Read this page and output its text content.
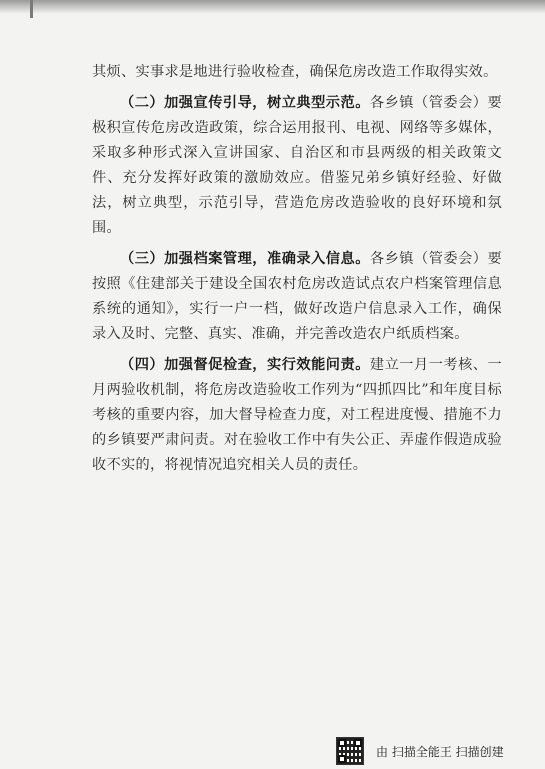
其烦、实事求是地进行验收检查，确保危房改造工作取得实效。

（二）加强宣传引导，树立典型示范。各乡镇（管委会）要极积宣传危房改造政策，综合运用报刊、电视、网络等多媒体，采取多种形式深入宣讲国家、自治区和市县两级的相关政策文件、充分发挥好政策的激励效应。借鉴兄弟乡镇好经验、好做法，树立典型，示范引导，营造危房改造验收的良好环境和氛围。

（三）加强档案管理，准确录入信息。各乡镇（管委会）要按照《住建部关于建设全国农村危房改造试点农户档案管理信息系统的通知》，实行一户一档，做好改造户信息录入工作，确保录入及时、完整、真实、准确，并完善改造农户纸质档案。

（四）加强督促检查，实行效能问责。建立一月一考核、一月两验收机制，将危房改造验收工作列为“四抓四比”和年度目标考核的重要内容，加大督导检查力度，对工程进度慢、措施不力的乡镇要严肃问责。对在验收工作中有失公正、弄虚作假造成验收不实的，将视情况追究相关人员的责任。

由 扫描全能王 扫描创建
